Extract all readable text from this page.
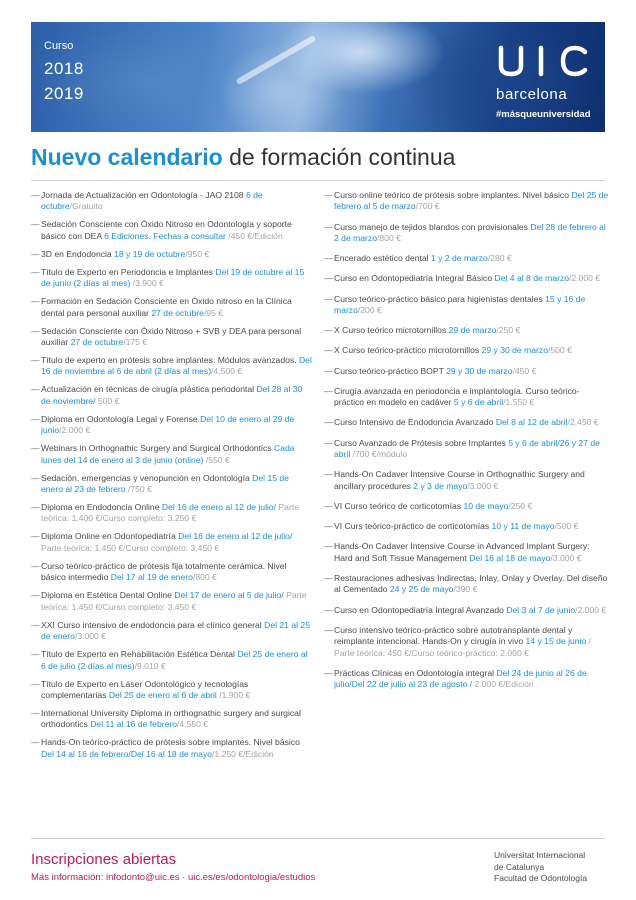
Curso
2018
2019	barcelona
#másqueuniversidad
Nuevo calendario de formación continua
— Jornada de Actualización en Odontología - JAO 2108 6 de octubre/Gratuito
— Sedación Consciente con Óxido Nitroso en Odontología y soporte básico con DEA 6 Ediciones. Fechas a consultar /450 €/Edición
— 3D en Endodoncia 18 y 19 de octubre/950 €
— Título de Experto en Periodoncia e Implantes Del 19 de octubre al 15 de junio (2 días al mes) /3.900 €
— Formación en Sedación Consciente en Óxido nitroso en la Clínica dental para personal auxiliar 27 de octubre/95 €
— Sedación Consciente con Óxido Nitroso + SVB y DEA para personal auxiliar 27 de octubre/175 €
— Título de experto en prótesis sobre implantes. Módulos avanzados. Del 16 de noviembre al 6 de abril (2 días al mes)/4.500 €
— Actualización en técnicas de cirugía plástica periodontal Del 28 al 30 de noviembre/ 500 €
— Diploma en Odontología Legal y Forense Del 10 de enero al 29 de junio/2.000 €
— Webinars in Orthognathic Surgery and Surgical Orthodontics Cada lunes del 14 de enero al 3 de junio (online) /550 €
— Sedación, emergencias y venopunción en Odontología Del 15 de enero al 23 de febrero /750 €
— Diploma en Endodoncia Online Del 16 de enero al 12 de julio/ Parte teórica: 1.400 €/Curso completo: 3.250 €
— Diploma Online en Odontopediatría Del 16 de enero al 12 de julio/ Parte teórica: 1.450 €/Curso completo: 3.450 €
— Curso teórico-práctico de prótesis fija totalmente cerámica. Nivel básico intermedio Del 17 al 19 de enero/800 €
— Diploma en Estética Dental Online Del 17 de enero al 5 de julio/ Parte teórica: 1.450 €/Curso completo: 3.450 €
— XXI Curso intensivo de endodoncia para el clínico general Del 21 al 25 de enero/3.000 €
— Título de Experto en Rehabilitación Estética Dental Del 25 de enero al 6 de julio (2 días al mes)/9.010 €
— Título de Experto en Láser Odontológico y tecnologías complementarias Del 25 de enero al 6 de abril /1.900 €
— International University Diploma in orthognathic surgery and surgical orthodontics Del 11 al 16 de febrero/4.550 €
— Hands-On teórico-práctico de prótesis sobre implantes. Nivel básico Del 14 al 16 de febrero/Del 16 al 18 de mayo/1.250 €/Edición
— Curso online teórico de prótesis sobre implantes. Nivel básico Del 25 de febrero al 5 de marzo/700 €
— Curso manejo de tejidos blandos con provisionales Del 28 de febrero al 2 de marzo/800 €
— Encerado estético dental 1 y 2 de marzo/280 €
— Curso en Odontopediatría Integral Básico Del 4 al 8 de marzo/2.000 €
— Curso teórico-práctico básico para higienistas dentales 15 y 16 de marzo/200 €
— X Curso teórico microtornillos 29 de marzo/250 €
— X Curso teórico-práctico microtornillos 29 y 30 de marzo/500 €
— Curso teórico-práctico BOPT 29 y 30 de marzo/450 €
— Cirugía avanzada en periodoncia e implantología. Curso teórico-práctico en modelo en cadáver 5 y 6 de abril/1.550 €
— Curso Intensivo de Endodoncia Avanzado Del 8 al 12 de abril/2.450 €
— Curso Avanzado de Prótesis sobre Implantes 5 y 6 de abril/26 y 27 de abril /700 €/módulo
— Hands-On Cadaver Intensive Course in Orthognathic Surgery and ancillary procedures 2 y 3 de mayo/3.000 €
— VI Curso teórico de corticotomías 10 de mayo/250 €
— VI Curs teórico-práctico de corticotomías 10 y 11 de mayo/500 €
— Hands-On Cadaver Intensive Course in Advanced Implant Surgery: Hard and Soft Tissue Management Del 16 al 18 de mayo/3.000 €
— Restauraciones adhesivas Indirectas, Inlay, Onlay y Overlay. Del diseño al Cementado 24 y 25 de mayo/390 €
— Curso en Odontopediatría Integral Avanzado Del 3 al 7 de junio/2.000 €
— Curso intensivo teórico-práctico sobre autotransplante dental y reimplante intencional. Hands-On y cirugía in vivo 14 y 15 de junio / Parte teórica: 450 €/Curso teórico-práctico: 2.000 €
— Prácticas Clínicas en Odontología integral Del 24 de junio al 26 de julio/Del 22 de julio al 23 de agosto / 2.000 €/Edición
Inscripciones abiertas
Más información: infodonto@uic.es · uic.es/es/odontologia/estudios
Universitat Internacional
de Catalunya
Facultad de Odontología
